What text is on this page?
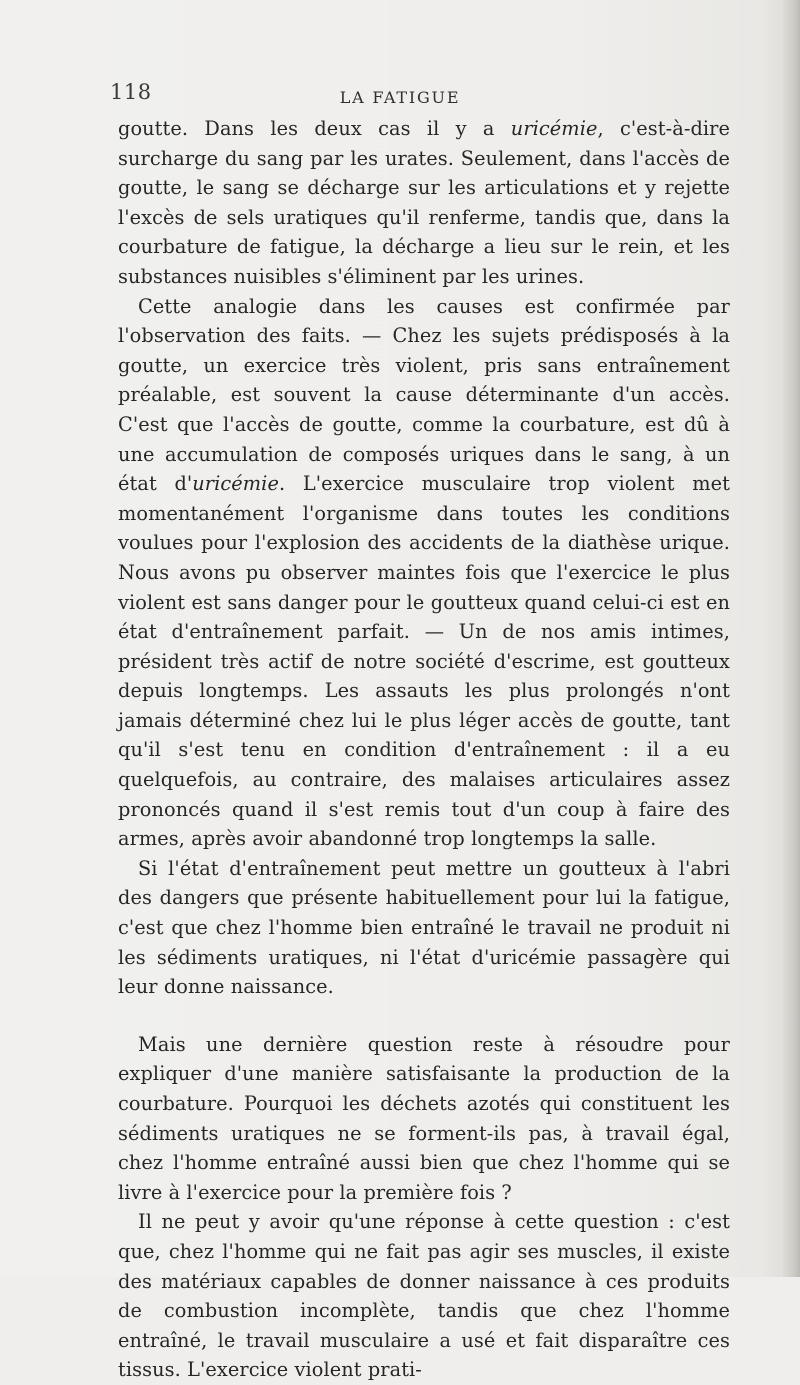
118	LA FATIGUE

goutte. Dans les deux cas il y a uricémie, c'est-à-dire surcharge du sang par les urates. Seulement, dans l'accès de goutte, le sang se décharge sur les articulations et y rejette l'excès de sels uratiques qu'il renferme, tandis que, dans la courbature de fatigue, la décharge a lieu sur le rein, et les substances nuisibles s'éliminent par les urines.

Cette analogie dans les causes est confirmée par l'observation des faits. — Chez les sujets prédisposés à la goutte, un exercice très violent, pris sans entraînement préalable, est souvent la cause déterminante d'un accès. C'est que l'accès de goutte, comme la courbature, est dû à une accumulation de composés uriques dans le sang, à un état d'uricémie. L'exercice musculaire trop violent met momentanément l'organisme dans toutes les conditions voulues pour l'explosion des accidents de la diathèse urique. Nous avons pu observer maintes fois que l'exercice le plus violent est sans danger pour le goutteux quand celui-ci est en état d'entraînement parfait. — Un de nos amis intimes, président très actif de notre société d'escrime, est goutteux depuis longtemps. Les assauts les plus prolongés n'ont jamais déterminé chez lui le plus léger accès de goutte, tant qu'il s'est tenu en condition d'entraînement : il a eu quelquefois, au contraire, des malaises articulaires assez prononcés quand il s'est remis tout d'un coup à faire des armes, après avoir abandonné trop longtemps la salle.

Si l'état d'entraînement peut mettre un goutteux à l'abri des dangers que présente habituellement pour lui la fatigue, c'est que chez l'homme bien entraîné le travail ne produit ni les sédiments uratiques, ni l'état d'uricémie passagère qui leur donne naissance.

Mais une dernière question reste à résoudre pour expliquer d'une manière satisfaisante la production de la courbature. Pourquoi les déchets azotés qui constituent les sédiments uratiques ne se forment-ils pas, à travail égal, chez l'homme entraîné aussi bien que chez l'homme qui se livre à l'exercice pour la première fois ?

Il ne peut y avoir qu'une réponse à cette question : c'est que, chez l'homme qui ne fait pas agir ses muscles, il existe des matériaux capables de donner naissance à ces produits de combustion incomplète, tandis que chez l'homme entraîné, le travail musculaire a usé et fait disparaître ces tissus. L'exercice violent prati-
